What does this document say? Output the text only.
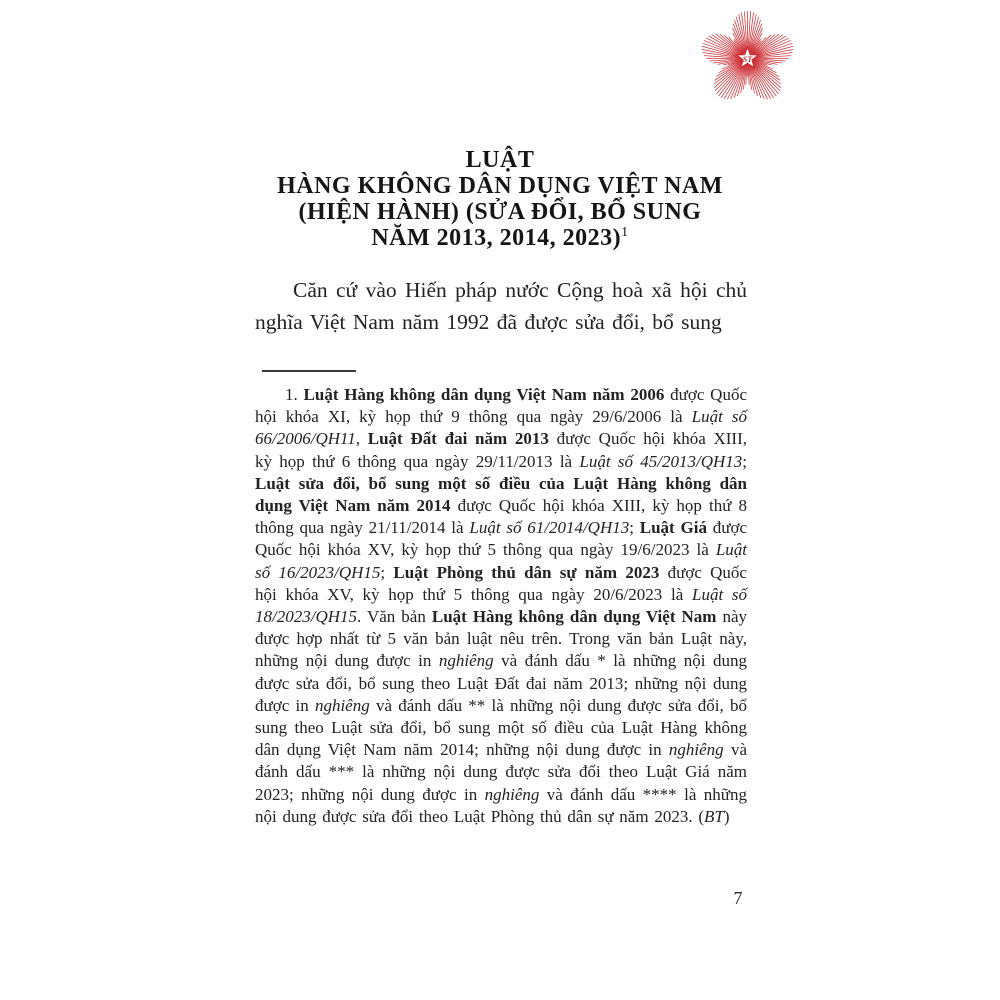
ST
LUẬT
HÀNG KHÔNG DÂN DỤNG VIỆT NAM
(HIỆN HÀNH) (SỬA ĐỔI, BỔ SUNG
NĂM 2013, 2014, 2023)$^1$

Căn cứ vào Hiến pháp nước Cộng hoà xã hội chủ nghĩa Việt Nam năm 1992 đã được sửa đổi, bổ sung

1. Luật Hàng không dân dụng Việt Nam năm 2006 được Quốc hội khóa XI, kỳ họp thứ 9 thông qua ngày 29/6/2006 là Luật số 66/2006/QH11, Luật Đất đai năm 2013 được Quốc hội khóa XIII, kỳ họp thứ 6 thông qua ngày 29/11/2013 là Luật số 45/2013/QH13; Luật sửa đổi, bổ sung một số điều của Luật Hàng không dân dụng Việt Nam năm 2014 được Quốc hội khóa XIII, kỳ họp thứ 8 thông qua ngày 21/11/2014 là Luật số 61/2014/QH13; Luật Giá được Quốc hội khóa XV, kỳ họp thứ 5 thông qua ngày 19/6/2023 là Luật số 16/2023/QH15; Luật Phòng thủ dân sự năm 2023 được Quốc hội khóa XV, kỳ họp thứ 5 thông qua ngày 20/6/2023 là Luật số 18/2023/QH15. Văn bản Luật Hàng không dân dụng Việt Nam này được hợp nhất từ 5 văn bản luật nêu trên. Trong văn bản Luật này, những nội dung được in nghiêng và đánh dấu * là những nội dung được sửa đổi, bổ sung theo Luật Đất đai năm 2013; những nội dung được in nghiêng và đánh dấu ** là những nội dung được sửa đổi, bổ sung theo Luật sửa đổi, bổ sung một số điều của Luật Hàng không dân dụng Việt Nam năm 2014; những nội dung được in nghiêng và đánh dấu *** là những nội dung được sửa đổi theo Luật Giá năm 2023; những nội dung được in nghiêng và đánh dấu **** là những nội dung được sửa đổi theo Luật Phòng thủ dân sự năm 2023. (BT)

7
